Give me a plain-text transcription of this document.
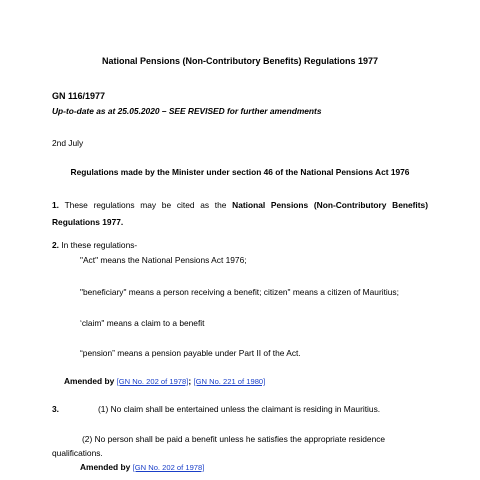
National Pensions (Non-Contributory Benefits) Regulations 1977
GN 116/1977
Up-to-date as at 25.05.2020 – SEE REVISED for further amendments
2nd July
Regulations made by the Minister under section 46 of the National Pensions Act 1976
1. These regulations may be cited as the National Pensions (Non-Contributory Benefits) Regulations 1977.
2. In these regulations-
"Act" means the National Pensions Act 1976;
"beneficiary" means a person receiving a benefit; citizen" means a citizen of Mauritius;
‘claim" means a claim to a benefit
“pension” means a pension payable under Part II of the Act.
Amended by [GN No. 202 of 1978]; [GN No. 221 of 1980]
3.	(1) No claim shall be entertained unless the claimant is residing in Mauritius.
(2) No person shall be paid a benefit unless he satisfies the appropriate residence
qualifications.
Amended by [GN No. 202 of 1978]
